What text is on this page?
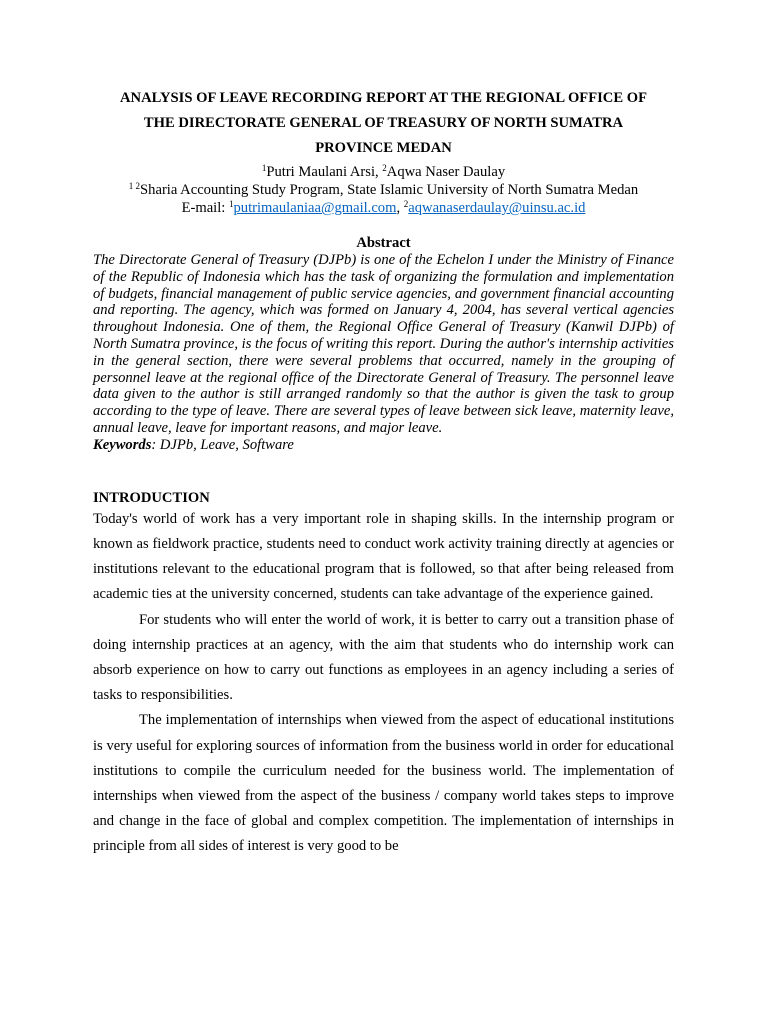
ANALYSIS OF LEAVE RECORDING REPORT AT THE REGIONAL OFFICE OF

THE DIRECTORATE GENERAL OF TREASURY OF NORTH SUMATRA

PROVINCE MEDAN

$^1$Putri Maulani Arsi, $^2$Aqwa Naser Daulay

$^{1 2}$Sharia Accounting Study Program, State Islamic University of North Sumatra Medan

E-mail: $^1$putrimaulaniaa@gmail.com, $^2$aqwanaserdaulay@uinsu.ac.id

Abstract

The Directorate General of Treasury (DJPb) is one of the Echelon I under the Ministry of Finance of the Republic of Indonesia which has the task of organizing the formulation and implementation of budgets, financial management of public service agencies, and government financial accounting and reporting. The agency, which was formed on January 4, 2004, has several vertical agencies throughout Indonesia. One of them, the Regional Office General of Treasury (Kanwil DJPb) of North Sumatra province, is the focus of writing this report. During the author's internship activities in the general section, there were several problems that occurred, namely in the grouping of personnel leave at the regional office of the Directorate General of Treasury. The personnel leave data given to the author is still arranged randomly so that the author is given the task to group according to the type of leave. There are several types of leave between sick leave, maternity leave, annual leave, leave for important reasons, and major leave.

Keywords: DJPb, Leave, Software

INTRODUCTION

Today's world of work has a very important role in shaping skills. In the internship program or known as fieldwork practice, students need to conduct work activity training directly at agencies or institutions relevant to the educational program that is followed, so that after being released from academic ties at the university concerned, students can take advantage of the experience gained.

For students who will enter the world of work, it is better to carry out a transition phase of doing internship practices at an agency, with the aim that students who do internship work can absorb experience on how to carry out functions as employees in an agency including a series of tasks to responsibilities.

The implementation of internships when viewed from the aspect of educational institutions is very useful for exploring sources of information from the business world in order for educational institutions to compile the curriculum needed for the business world. The implementation of internships when viewed from the aspect of the business / company world takes steps to improve and change in the face of global and complex competition. The implementation of internships in principle from all sides of interest is very good to be
